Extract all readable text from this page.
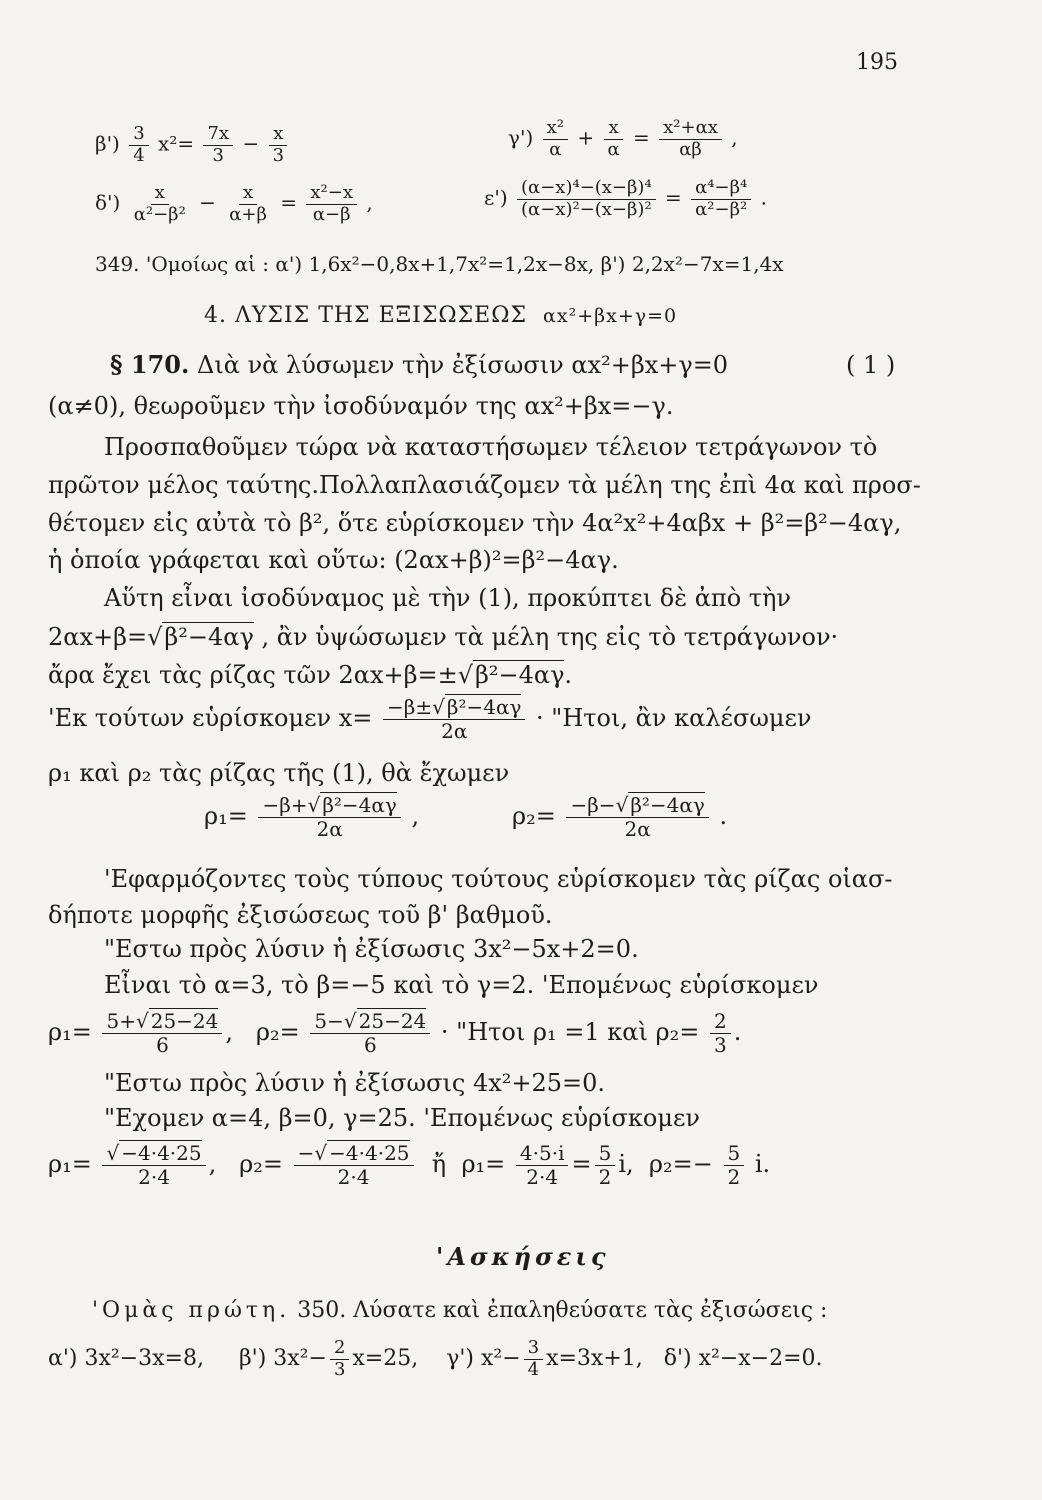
195
$\beta') \frac{3}{4} x^2= \frac{7x}{3} - \frac{x}{3}$	$\gamma') \frac{\text{x²}}{\alpha} + \frac{x}{\alpha} = \frac{\text{x²+αx}}{\alpha\beta}$ ,
$\delta') \frac{x}{\text{α²−β²}} - \frac{x}{\alpha+\beta} = \frac{\text{x²−x}}{\alpha-\beta}$ ,	$\varepsilon') \frac{\text{(α−x)⁴−(x−β)⁴}}{\text{(α−x)²−(x−β)²}} = \frac{\text{α⁴−β⁴}}{\text{α²−β²}}$ .
349. 'Ομοίως αἱ : α') 1,6x²−0,8x+1,7x²=1,2x−8x, β') 2,2x²−7x=1,4x
4. ΛΥΣΙΣ ΤΗΣ ΕΞΙΣΩΣΕΩΣ αx²+βx+γ=0
§ 170. Διὰ νὰ λύσωμεν τὴν ἐξίσωσιν αx²+βx+γ=0	( 1 )
(α≠0), θεωροῦμεν τὴν ἰσοδύναμόν της αx²+βx=−γ.
Προσπαθοῦμεν τώρα νὰ καταστήσωμεν τέλειον τετράγωνον τὸ
πρῶτον μέλος ταύτης.Πολλαπλασιάζομεν τὰ μέλη της ἐπὶ 4α καὶ προσ-
θέτομεν εἰς αὐτὰ τὸ β², ὅτε εὑρίσκομεν τὴν 4α²x²+4αβx + β²=β²−4αγ,
ἡ ὁποία γράφεται καὶ οὕτω: (2αx+β)²=β²−4αγ.
Αὕτη εἶναι ἰσοδύναμος μὲ τὴν (1), προκύπτει δὲ ἀπὸ τὴν
2αx+β=√β²−4αγ , ἂν ὑψώσωμεν τὰ μέλη της εἰς τὸ τετράγωνον·
ἄρα ἔχει τὰς ρίζας τῶν 2αx+β=±√β²−4αγ.
'Εκ τούτων εὑρίσκομεν $x= \frac{\text{−β±√ β²−4αγ}}{2\alpha}$ · "Ητοι, ἂν καλέσωμεν
ρ₁ καὶ ρ₂ τὰς ρίζας τῆς (1), θὰ ἔχωμεν
$\rho_1= \frac{\text{−β+√ β²−4αγ}}{2\alpha}$ ,	$\rho_2= \frac{\text{−β−√ β²−4αγ}}{2\alpha}$ .
'Εφαρμόζοντες τοὺς τύπους τούτους εὑρίσκομεν τὰς ρίζας οἱασ-
δήποτε μορφῆς ἐξισώσεως τοῦ β' βαθμοῦ.
"Εστω πρὸς λύσιν ἡ ἐξίσωσις 3x²−5x+2=0.
Εἶναι τὸ α=3, τὸ β=−5 καὶ τὸ γ=2. 'Επομένως εὑρίσκομεν
$\rho_1= \frac{5+√ 25-24}{6}$ , $\rho_2= \frac{5-√ 25-24}{6}$ · "Ητοι ρ₁ =1 καὶ $\rho_2= \frac{2}{3}$ .
"Εστω πρὸς λύσιν ἡ ἐξίσωσις 4x²+25=0.
"Εχομεν α=4, β=0, γ=25. 'Επομένως εὑρίσκομεν
$\rho_1= \frac{√ -4\cdot 4\cdot 25}{2\cdot 4}$ , $\rho_2= \frac{-√ -4\cdot 4\cdot 25}{2\cdot 4}$ ἤ $\rho_1= \frac{4\cdot 5\cdot i}{2\cdot 4} = \frac{5}{2} i$, $\rho_2=- \frac{5}{2} i$.
'Ασκήσεις
'Ομὰς πρώτη. 350. Λύσατε καὶ ἐπαληθεύσατε τὰς ἐξισώσεις :
α') 3x²−3x=8, β') $3x^2- \frac{2}{3} x=25$, γ') $x^2- \frac{3}{4} x=3x+1$, δ') x²−x−2=0.
